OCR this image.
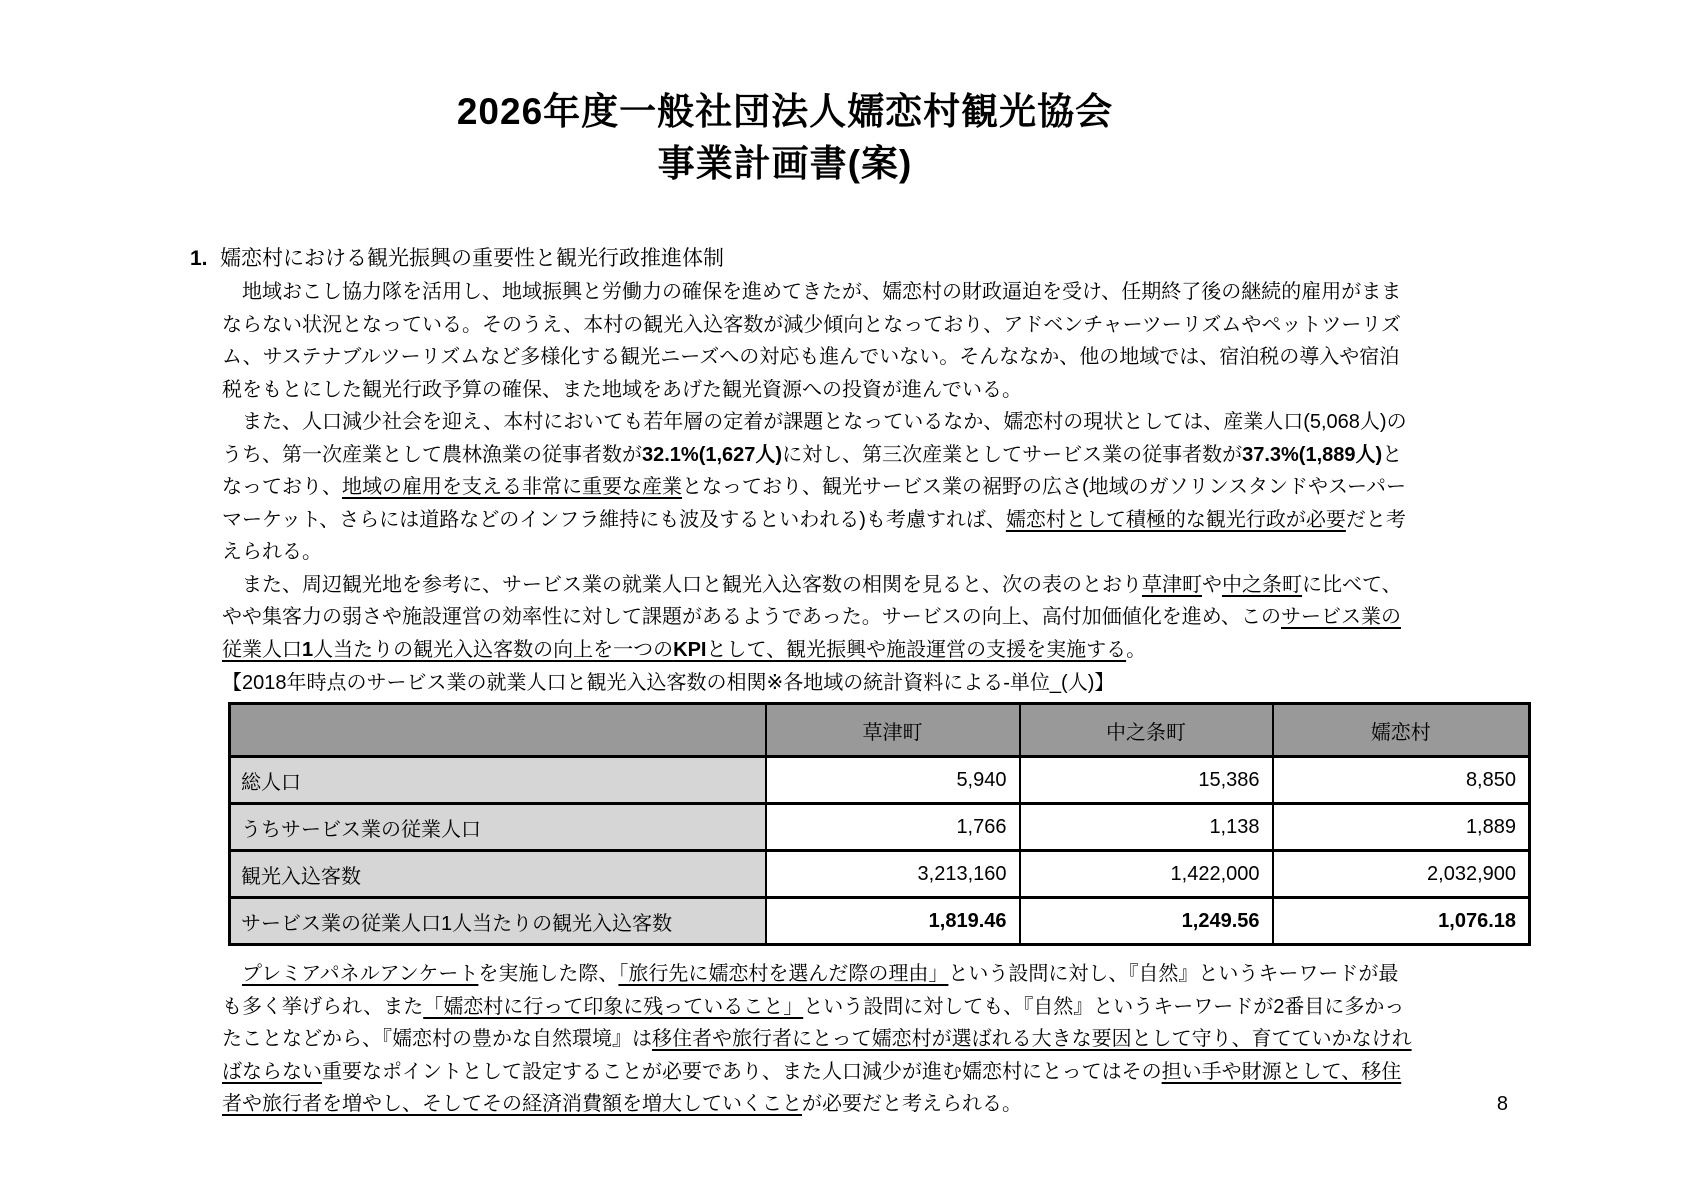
2026年度一般社団法人嬬恋村観光協会
事業計画書(案)
1. 嬬恋村における観光振興の重要性と観光行政推進体制

　地域おこし協力隊を活用し、地域振興と労働力の確保を進めてきたが、嬬恋村の財政逼迫を受け、任期終了後の継続的雇用がままならない状況となっている。そのうえ、本村の観光入込客数が減少傾向となっており、アドベンチャーツーリズムやペットツーリズム、サステナブルツーリズムなど多様化する観光ニーズへの対応も進んでいない。そんななか、他の地域では、宿泊税の導入や宿泊税をもとにした観光行政予算の確保、また地域をあげた観光資源への投資が進んでいる。

　また、人口減少社会を迎え、本村においても若年層の定着が課題となっているなか、嬬恋村の現状としては、産業人口(5,068人)のうち、第一次産業として農林漁業の従事者数が32.1%(1,627人)に対し、第三次産業としてサービス業の従事者数が37.3%(1,889人)となっており、地域の雇用を支える非常に重要な産業となっており、観光サービス業の裾野の広さ(地域のガソリンスタンドやスーパーマーケット、さらには道路などのインフラ維持にも波及するといわれる)も考慮すれば、嬬恋村として積極的な観光行政が必要だと考えられる。

　また、周辺観光地を参考に、サービス業の就業人口と観光入込客数の相関を見ると、次の表のとおり草津町や中之条町に比べて、やや集客力の弱さや施設運営の効率性に対して課題があるようであった。サービスの向上、高付加価値化を進め、このサービス業の従業人口1人当たりの観光入込客数の向上を一つのKPIとして、観光振興や施設運営の支援を実施する。

【2018年時点のサービス業の就業人口と観光入込客数の相関※各地域の統計資料による-単位_(人)】
	草津町	中之条町	嬬恋村
総人口	5,940	15,386	8,850
うちサービス業の従業人口	1,766	1,138	1,889
観光入込客数	3,213,160	1,422,000	2,032,900
サービス業の従業人口1人当たりの観光入込客数	1,819.46	1,249.56	1,076.18

　プレミアパネルアンケートを実施した際、「旅行先に嬬恋村を選んだ際の理由」という設問に対し、『自然』というキーワードが最も多く挙げられ、また「嬬恋村に行って印象に残っていること」という設問に対しても、『自然』というキーワードが2番目に多かったことなどから、『嬬恋村の豊かな自然環境』は移住者や旅行者にとって嬬恋村が選ばれる大きな要因として守り、育てていかなければならない重要なポイントとして設定することが必要であり、また人口減少が進む嬬恋村にとってはその担い手や財源として、移住者や旅行者を増やし、そしてその経済消費額を増大していくことが必要だと考えられる。	8
